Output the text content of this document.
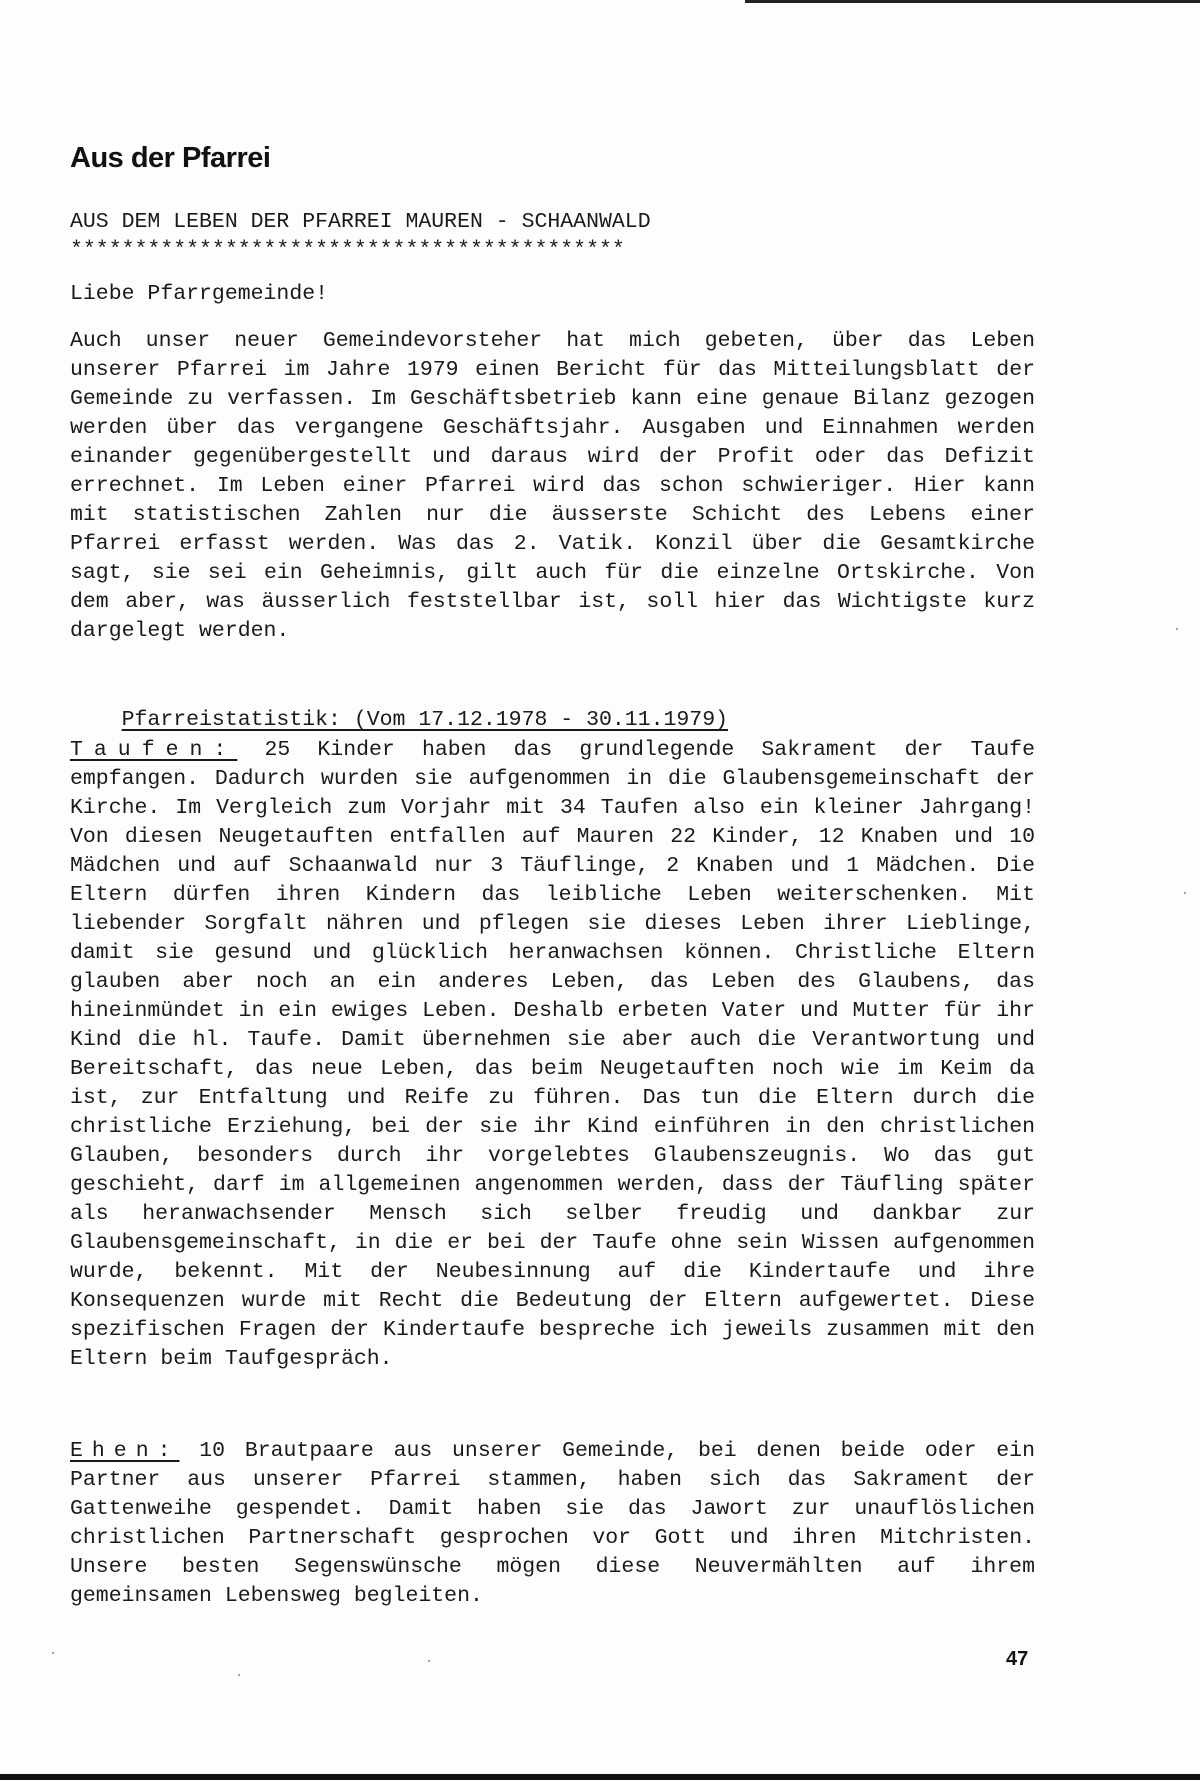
Aus der Pfarrei

AUS DEM LEBEN DER PFARREI MAUREN - SCHAANWALD

*******************************************

Liebe Pfarrgemeinde!

Auch unser neuer Gemeindevorsteher hat mich gebeten, über das Leben unserer Pfarrei im Jahre 1979 einen Bericht für das Mitteilungsblatt der Gemeinde zu verfassen. Im Geschäftsbetrieb kann eine genaue Bilanz gezogen werden über das vergangene Geschäftsjahr. Ausgaben und Einnahmen werden einander gegenübergestellt und daraus wird der Profit oder das Defizit errechnet. Im Leben einer Pfarrei wird das schon schwieriger. Hier kann mit statistischen Zahlen nur die äusserste Schicht des Lebens einer Pfarrei erfasst werden. Was das 2. Vatik. Konzil über die Gesamtkirche sagt, sie sei ein Geheimnis, gilt auch für die einzelne Ortskirche. Von dem aber, was äusserlich feststellbar ist, soll hier das Wichtigste kurz dargelegt werden.

Pfarreistatistik: (Vom 17.12.1978 - 30.11.1979)

Taufen: 25 Kinder haben das grundlegende Sakrament der Taufe empfangen. Dadurch wurden sie aufgenommen in die Glaubensgemeinschaft der Kirche. Im Vergleich zum Vorjahr mit 34 Taufen also ein kleiner Jahrgang! Von diesen Neugetauften entfallen auf Mauren 22 Kinder, 12 Knaben und 10 Mädchen und auf Schaanwald nur 3 Täuflinge, 2 Knaben und 1 Mädchen. Die Eltern dürfen ihren Kindern das leibliche Leben weiterschenken. Mit liebender Sorgfalt nähren und pflegen sie dieses Leben ihrer Lieblinge, damit sie gesund und glücklich heranwachsen können. Christliche Eltern glauben aber noch an ein anderes Leben, das Leben des Glaubens, das hineinmündet in ein ewiges Leben. Deshalb erbeten Vater und Mutter für ihr Kind die hl. Taufe. Damit übernehmen sie aber auch die Verantwortung und Bereitschaft, das neue Leben, das beim Neugetauften noch wie im Keim da ist, zur Entfaltung und Reife zu führen. Das tun die Eltern durch die christliche Erziehung, bei der sie ihr Kind einführen in den christlichen Glauben, besonders durch ihr vorgelebtes Glaubenszeugnis. Wo das gut geschieht, darf im allgemeinen angenommen werden, dass der Täufling später als heranwachsender Mensch sich selber freudig und dankbar zur Glaubensgemeinschaft, in die er bei der Taufe ohne sein Wissen aufgenommen wurde, bekennt. Mit der Neubesinnung auf die Kindertaufe und ihre Konsequenzen wurde mit Recht die Bedeutung der Eltern aufgewertet. Diese spezifischen Fragen der Kindertaufe bespreche ich jeweils zusammen mit den Eltern beim Taufgespräch.

Ehen: 10 Brautpaare aus unserer Gemeinde, bei denen beide oder ein Partner aus unserer Pfarrei stammen, haben sich das Sakrament der Gattenweihe gespendet. Damit haben sie das Jawort zur unauflöslichen christlichen Partnerschaft gesprochen vor Gott und ihren Mitchristen. Unsere besten Segenswünsche mögen diese Neuvermählten auf ihrem gemeinsamen Lebensweg begleiten.

47
